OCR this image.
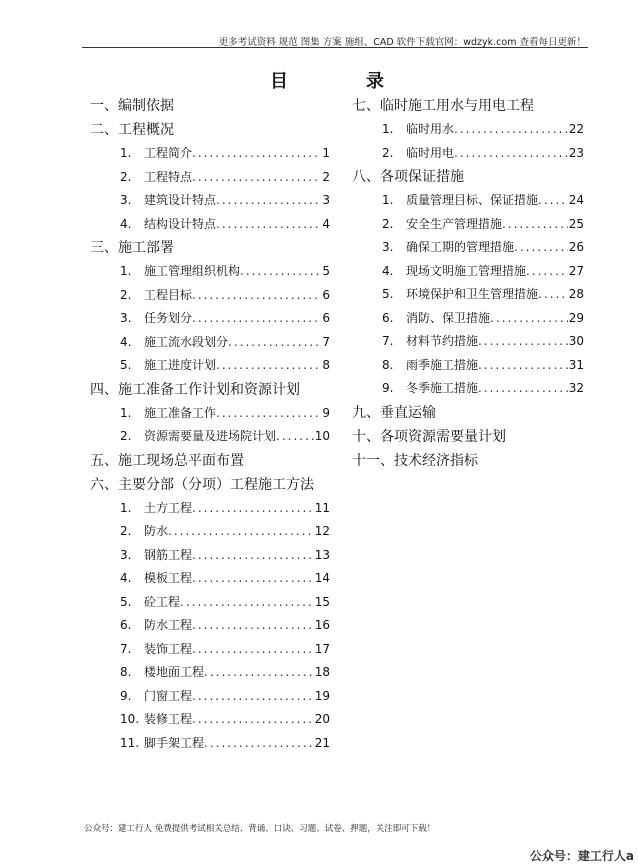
更多考试资料 规范 图集 方案 施组、CAD 软件下载官网：wdzyk.com 查看每日更新！
目录
一、编制依据
二、工程概况
1.	工程简介 .....	1
2.	工程特点 .....	2
3.	建筑设计特点 .....	3
4.	结构设计特点 .....	4
三、施工部署
1.	施工管理组织机构 .....	5
2.	工程目标 .....	6
3.	任务划分 .....	6
4.	施工流水段划分 .....	7
5.	施工进度计划 .....	8
四、施工准备工作计划和资源计划
1.	施工准备工作 .....	9
2.	资源需要量及进场院计划 .....	10
五、施工现场总平面布置
六、主要分部（分项）工程施工方法
1.	土方工程 .....	11
2.	防水 .....	12
3.	钢筋工程 .....	13
4.	模板工程 .....	14
5.	砼工程 .....	15
6.	防水工程 .....	16
7.	装饰工程 .....	17
8.	楼地面工程 .....	18
9.	门窗工程 .....	19
10. 装修工程 .....	20
11. 脚手架工程 .....	21
七、临时施工用水与用电工程
1.	临时用水 .....	22
2.	临时用电 .....	23
八、各项保证措施
1.	质量管理目标、保证措施 .....	24
2.	安全生产管理措施 .....	25
3.	确保工期的管理措施 .....	26
4.	现场文明施工管理措施 .....	27
5.	环境保护和卫生管理措施 .....	28
6.	消防、保卫措施 .....	29
7.	材料节约措施 .....	30
8.	雨季施工措施 .....	31
9.	冬季施工措施 .....	32
九、垂直运输
十、各项资源需要量计划
十一、技术经济指标
公众号：建工行人 免费提供考试相关总结、背诵、口诀、习题、试卷、押题，关注即可下载！
公众号：建工行人a
